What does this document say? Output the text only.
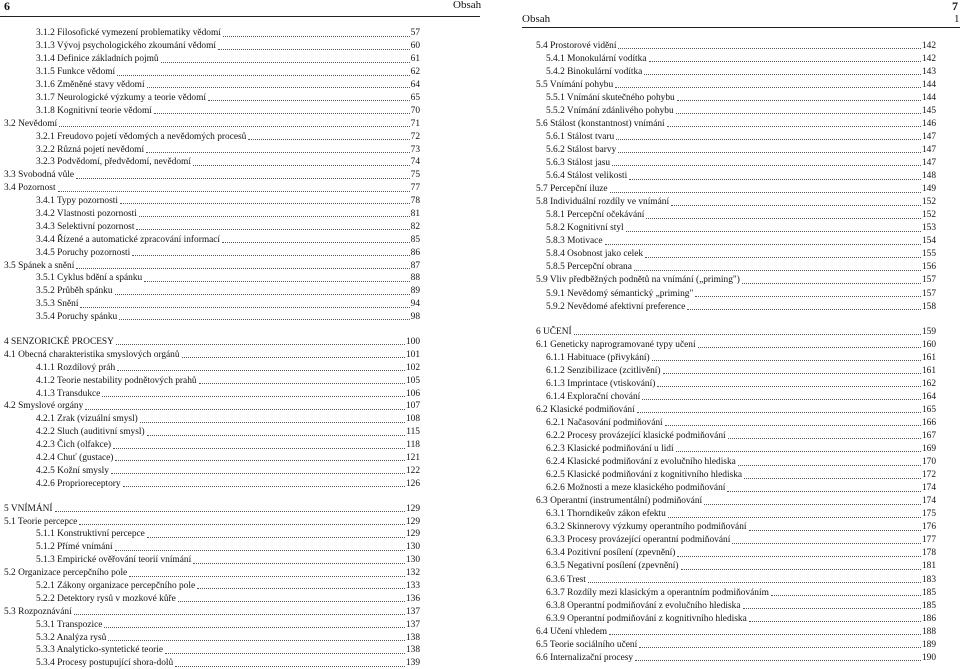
6	Obsah
3.1.2 Filosofické vymezení problematiky vědomí	57
3.1.3 Vývoj psychologického zkoumání vědomí	60
3.1.4 Definice základních pojmů	61
3.1.5 Funkce vědomí	62
3.1.6 Změněné stavy vědomí	64
3.1.7 Neurologické výzkumy a teorie vědomí	65
3.1.8 Kognitivní teorie vědomí	70
3.2 Nevědomí	71
3.2.1 Freudovo pojetí vědomých a nevědomých procesů	72
3.2.2 Různá pojetí nevědomí	73
3.2.3 Podvědomí, předvědomí, nevědomí	74
3.3 Svobodná vůle	75
3.4 Pozornost	77
3.4.1 Typy pozornosti	78
3.4.2 Vlastnosti pozornosti	81
3.4.3 Selektivní pozornost	82
3.4.4 Řízené a automatické zpracování informací	85
3.4.5 Poruchy pozornosti	86
3.5 Spánek a snění	87
3.5.1 Cyklus bdění a spánku	88
3.5.2 Průběh spánku	89
3.5.3 Snění	94
3.5.4 Poruchy spánku	98
4 SENZORICKÉ PROCESY	100
4.1 Obecná charakteristika smyslových orgánů	101
4.1.1 Rozdílový práh	102
4.1.2 Teorie nestability podnětových prahů	105
4.1.3 Transdukce	106
4.2 Smyslové orgány	107
4.2.1 Zrak (vizuální smysl)	108
4.2.2 Sluch (auditivní smysl)	115
4.2.3 Čich (olfakce)	118
4.2.4 Chuť (gustace)	121
4.2.5 Kožní smysly	122
4.2.6 Proprioreceptory	126
5 VNÍMÁNÍ	129
5.1 Teorie percepce	129
5.1.1 Konstruktivní percepce	129
5.1.2 Přímé vnímání	130
5.1.3 Empirické ověřování teorií vnímání	130
5.2 Organizace percepčního pole	132
5.2.1 Zákony organizace percepčního pole	133
5.2.2 Detektory rysů v mozkové kůře	136
5.3 Rozpoznávání	137
5.3.1 Transpozice	137
5.3.2 Analýza rysů	138
5.3.3 Analyticko-syntetické teorie	138
5.3.4 Procesy postupující shora-dolů	139
Obsah
7
1
5.4 Prostorové vidění	142
5.4.1 Monokulární vodítka	142
5.4.2 Binokulární vodítka	143
5.5 Vnímání pohybu	144
5.5.1 Vnímání skutečného pohybu	144
5.5.2 Vnímání zdánlivého pohybu	145
5.6 Stálost (konstantnost) vnímání	146
5.6.1 Stálost tvaru	147
5.6.2 Stálost barvy	147
5.6.3 Stálost jasu	147
5.6.4 Stálost velikosti	148
5.7 Percepční iluze	149
5.8 Individuální rozdíly ve vnímání	152
5.8.1 Percepční očekávání	152
5.8.2 Kognitivní styl	153
5.8.3 Motivace	154
5.8.4 Osobnost jako celek	155
5.8.5 Percepční obrana	156
5.9 Vliv předběžných podnětů na vnímání („priming")	157
5.9.1 Nevědomý sémantický „priming"	157
5.9.2 Nevědomé afektivní preference	158
6 UČENÍ	159
6.1 Geneticky naprogramované typy učení	160
6.1.1 Habituace (přivykání)	161
6.1.2 Senzibilizace (zcitlivění)	161
6.1.3 Imprintace (vtiskování)	162
6.1.4 Explorační chování	164
6.2 Klasické podmiňování	165
6.2.1 Načasování podmiňování	166
6.2.2 Procesy provázející klasické podmiňování	167
6.2.3 Klasické podmiňování u lidí	169
6.2.4 Klasické podmiňování z evolučního hlediska	170
6.2.5 Klasické podmiňování z kognitivního hlediska	172
6.2.6 Možnosti a meze klasického podmiňování	174
6.3 Operantní (instrumentální) podmiňování	174
6.3.1 Thorndikeův zákon efektu	175
6.3.2 Skinnerovy výzkumy operantního podmiňování	176
6.3.3 Procesy provázející operantní podmiňování	177
6.3.4 Pozitivní posílení (zpevnění)	178
6.3.5 Negativní posílení (zpevnění)	181
6.3.6 Trest	183
6.3.7 Rozdíly mezi klasickým a operantním podmiňováním	185
6.3.8 Operantní podmiňování z evolučního hlediska	185
6.3.9 Operantní podmiňování z kognitivního hlediska	186
6.4 Učení vhledem	188
6.5 Teorie sociálního učení	189
6.6 Internalizační procesy	190
